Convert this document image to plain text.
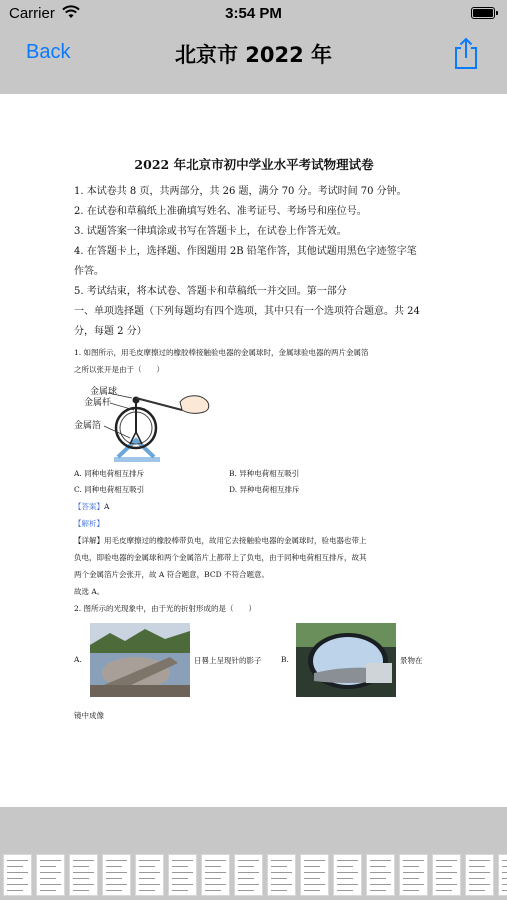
Carrier	3:54 PM
Back	北京市 2022 年

2022 年北京市初中学业水平考试物理试卷

1. 本试卷共 8 页，共两部分，共 26 题，满分 70 分。考试时间 70 分钟。

2. 在试卷和草稿纸上准确填写姓名、准考证号、考场号和座位号。

3. 试题答案一律填涂或书写在答题卡上，在试卷上作答无效。

4. 在答题卡上，选择题、作图题用 2B 铅笔作答，其他试题用黑色字迹签字笔

作答。

5. 考试结束，将本试卷、答题卡和草稿纸一并交回。第一部分

一、单项选择题（下列每题均有四个选项，其中只有一个选项符合题意。共 24

分，每题 2 分）

1. 如图所示，用毛皮摩擦过的橡胶棒接触验电器的金属球时，金属球验电器的两片金属箔

之所以张开是由于（　　）

金属球
金属杆
金属箔
A. 同种电荷相互排斥	B. 异种电荷相互吸引
C. 同种电荷相互吸引	D. 异种电荷相互排斥

【答案】A

【解析】

【详解】用毛皮摩擦过的橡胶棒带负电，故用它去接触验电器的金属球时，验电器也带上

负电，即验电器的金属球和两个金属箔片上都带上了负电，由于同种电荷相互排斥，故其

两个金属箔片会张开，故 A 符合题意，BCD 不符合题意。

故选 A。

2. 图所示的光现象中，由于光的折射形成的是（　　）

A.	日晷上呈现针的影子	B.	景物在

镜中成像
